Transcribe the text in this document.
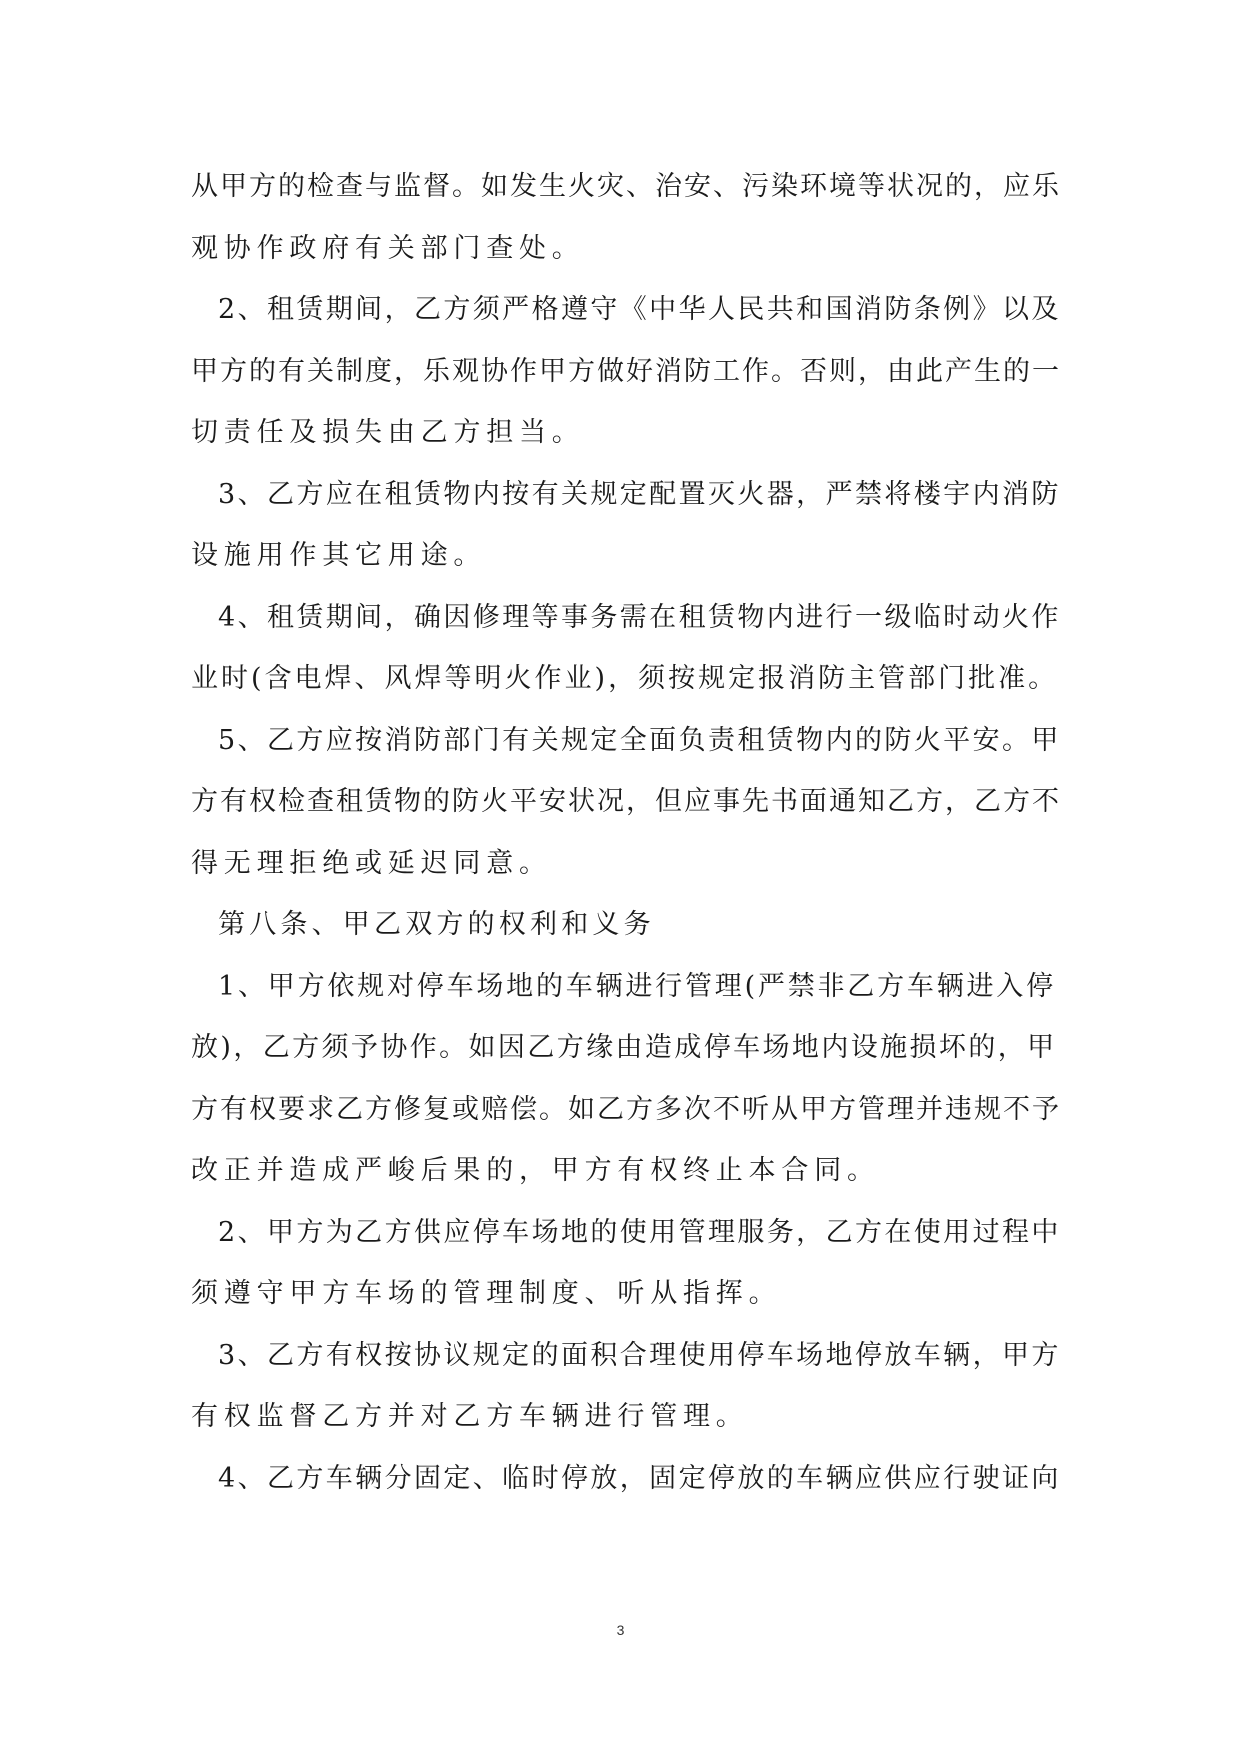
从甲方的检查与监督。如发生火灾、治安、污染环境等状况的，应乐
观协作政府有关部门查处。
2、租赁期间，乙方须严格遵守《中华人民共和国消防条例》以及
甲方的有关制度，乐观协作甲方做好消防工作。否则，由此产生的一
切责任及损失由乙方担当。
3、乙方应在租赁物内按有关规定配置灭火器，严禁将楼宇内消防
设施用作其它用途。
4、租赁期间，确因修理等事务需在租赁物内进行一级临时动火作
业时(含电焊、风焊等明火作业)，须按规定报消防主管部门批准。
5、乙方应按消防部门有关规定全面负责租赁物内的防火平安。甲
方有权检查租赁物的防火平安状况，但应事先书面通知乙方，乙方不
得无理拒绝或延迟同意。
第八条、甲乙双方的权利和义务
1、甲方依规对停车场地的车辆进行管理(严禁非乙方车辆进入停
放)，乙方须予协作。如因乙方缘由造成停车场地内设施损坏的，甲
方有权要求乙方修复或赔偿。如乙方多次不听从甲方管理并违规不予
改正并造成严峻后果的，甲方有权终止本合同。
2、甲方为乙方供应停车场地的使用管理服务，乙方在使用过程中
须遵守甲方车场的管理制度、听从指挥。
3、乙方有权按协议规定的面积合理使用停车场地停放车辆，甲方
有权监督乙方并对乙方车辆进行管理。
4、乙方车辆分固定、临时停放，固定停放的车辆应供应行驶证向
3
